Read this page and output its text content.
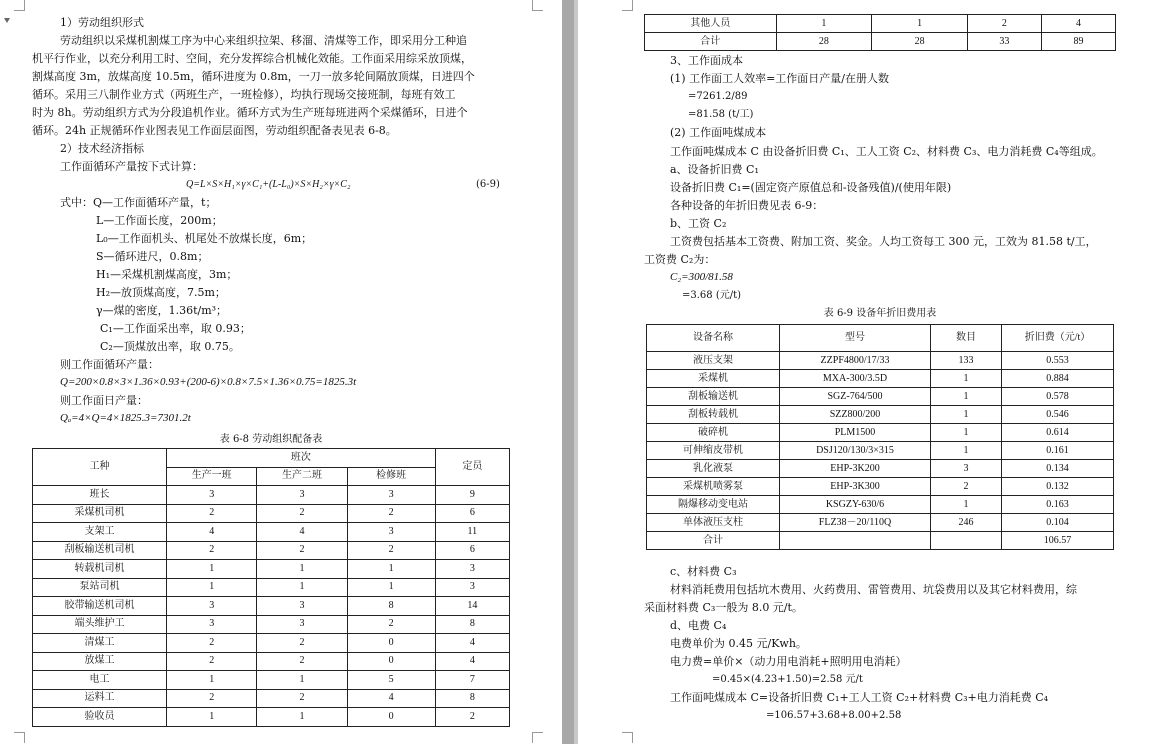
1）劳动组织形式
劳动组织以采煤机割煤工序为中心来组织拉架、移溜、清煤等工作，即采用分工种追
机平行作业，以充分利用工时、空间，充分发挥综合机械化效能。工作面采用综采放顶煤，
割煤高度 3m，放煤高度 10.5m，循环进度为 0.8m，一刀一放多轮间隔放顶煤，日进四个
循环。采用三八制作业方式（两班生产，一班检修），均执行现场交接班制，每班有效工
时为 8h。劳动组织方式为分段追机作业。循环方式为生产班每班进两个采煤循环，日进个
循环。24h 正规循环作业图表见工作面层面图，劳动组织配备表见表 6-8。
2）技术经济指标
工作面循环产量按下式计算：
Q=L×S×H₁×γ×C₁+(L-L₀)×S×H₂×γ×C₂	(6-9)
式中：Q—工作面循环产量，t；
L—工作面长度，200m；
L₀—工作面机头、机尾处不放煤长度，6m；
S—循环进尺，0.8m；
H₁—采煤机割煤高度，3m；
H₂—放顶煤高度，7.5m；
γ—煤的密度，1.36t/m³；
C₁—工作面采出率，取 0.93；
C₂—顶煤放出率，取 0.75。
则工作面循环产量：
Q=200×0.8×3×1.36×0.93+(200-6)×0.8×7.5×1.36×0.75=1825.3t
则工作面日产量：
Qₐ=4×Q=4×1825.3=7301.2t
表 6-8 劳动组织配备表
工种	班次			定员
	生产一班	生产二班	检修班	
班长	3	3	3	9
采煤机司机	2	2	2	6
支架工	4	4	3	11
刮板输送机司机	2	2	2	6
转载机司机	1	1	1	3
泵站司机	1	1	1	3
胶带输送机司机	3	3	8	14
端头维护工	3	3	2	8
清煤工	2	2	0	4
放煤工	2	2	0	4
电工	1	1	5	7
运料工	2	2	4	8
验收员	1	1	0	2
其他人员	1	1	2	4
合计	28	28	33	89
3、工作面成本
(1) 工作面工人效率=工作面日产量/在册人数
=7261.2/89
=81.58 (t/工)
(2) 工作面吨煤成本
工作面吨煤成本 C 由设备折旧费 C₁、工人工资 C₂、材料费 C₃、电力消耗费 C₄等组成。
a、设备折旧费 C₁
设备折旧费 C₁=(固定资产原值总和-设备残值)/(使用年限)
各种设备的年折旧费见表 6-9：
b、工资 C₂
工资费包括基本工资费、附加工资、奖金。人均工资每工 300 元，工效为 81.58 t/工，
工资费 C₂为：
C₂=300/81.58
=3.68 (元/t)
表 6-9 设备年折旧费用表
设备名称	型号	数目	折旧费（元/t）
液压支架	ZZPF4800/17/33	133	0.553
采煤机	MXA-300/3.5D	1	0.884
刮板输送机	SGZ-764/500	1	0.578
刮板转载机	SZZ800/200	1	0.546
破碎机	PLM1500	1	0.614
可伸缩皮带机	DSJ120/130/3×315	1	0.161
乳化液泵	EHP-3K200	3	0.134
采煤机喷雾泵	EHP-3K300	2	0.132
隔爆移动变电站	KSGZY-630/6	1	0.163
单体液压支柱	FLZ38－20/110Q	246	0.104
合计			106.57
c、材料费 C₃
材料消耗费用包括坑木费用、火药费用、雷管费用、坑袋费用以及其它材料费用，综
采面材料费 C₃一般为 8.0 元/t。
d、电费 C₄
电费单价为 0.45 元/Kwh。
电力费=单价×（动力用电消耗+照明用电消耗）
=0.45×(4.23+1.50)=2.58 元/t
工作面吨煤成本 C=设备折旧费 C₁+工人工资 C₂+材料费 C₃+电力消耗费 C₄
=106.57+3.68+8.00+2.58
